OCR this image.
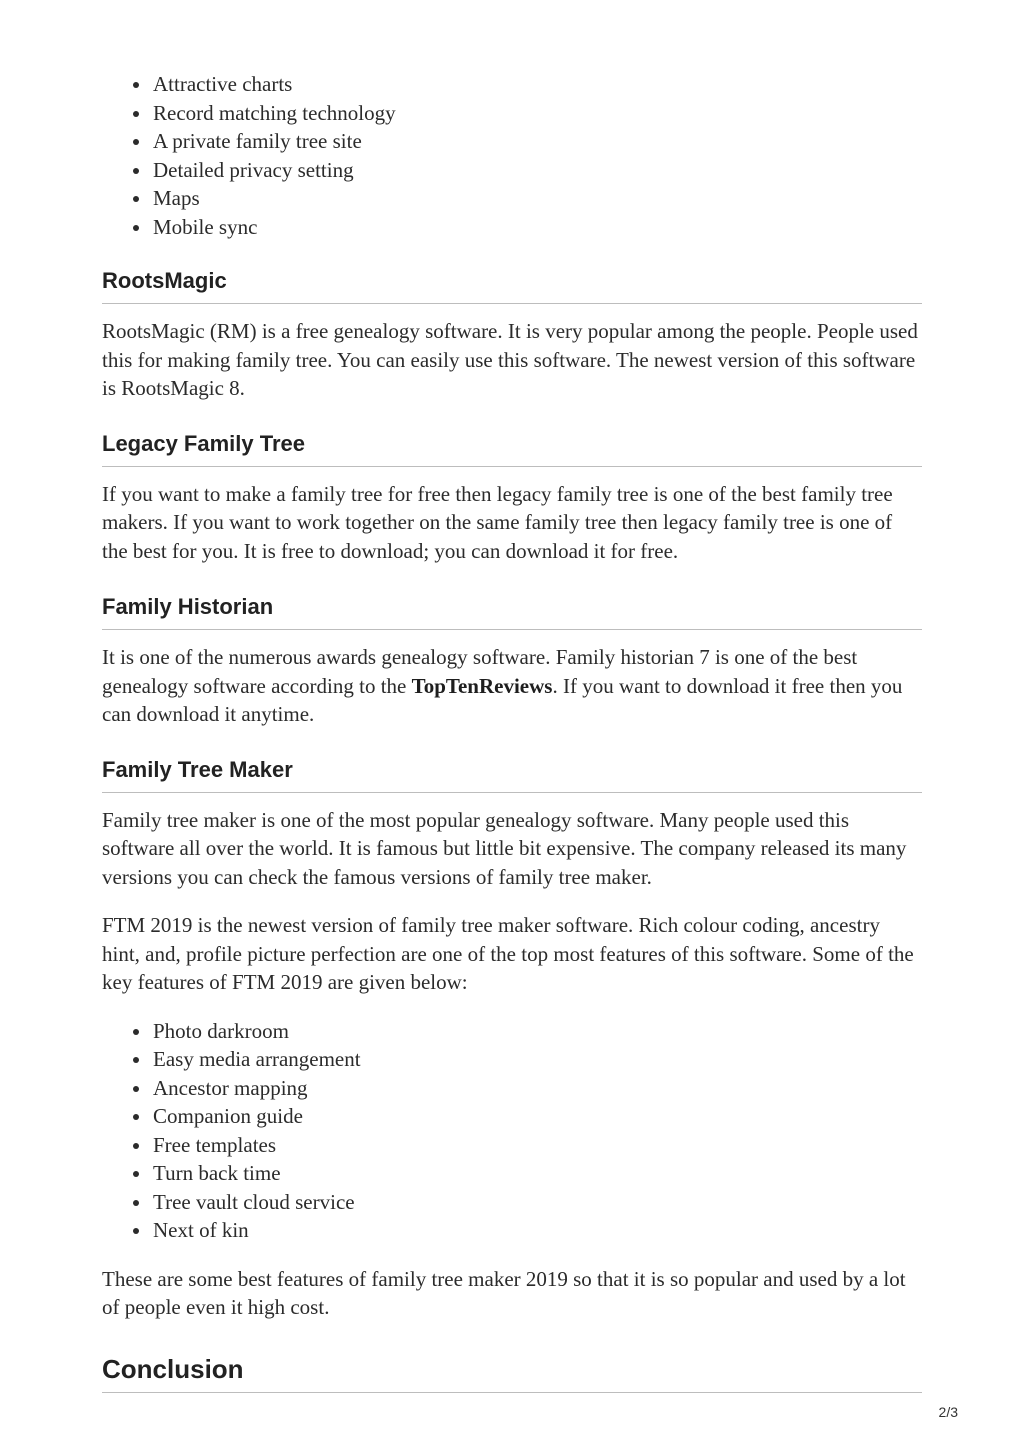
Attractive charts
Record matching technology
A private family tree site
Detailed privacy setting
Maps
Mobile sync
RootsMagic

RootsMagic (RM) is a free genealogy software. It is very popular among the people. People used this for making family tree. You can easily use this software. The newest version of this software is RootsMagic 8.

Legacy Family Tree

If you want to make a family tree for free then legacy family tree is one of the best family tree makers. If you want to work together on the same family tree then legacy family tree is one of the best for you. It is free to download; you can download it for free.

Family Historian

It is one of the numerous awards genealogy software. Family historian 7 is one of the best genealogy software according to the TopTenReviews. If you want to download it free then you can download it anytime.

Family Tree Maker

Family tree maker is one of the most popular genealogy software. Many people used this software all over the world. It is famous but little bit expensive. The company released its many versions you can check the famous versions of family tree maker.

FTM 2019 is the newest version of family tree maker software. Rich colour coding, ancestry hint, and, profile picture perfection are one of the top most features of this software. Some of the key features of FTM 2019 are given below:

Photo darkroom
Easy media arrangement
Ancestor mapping
Companion guide
Free templates
Turn back time
Tree vault cloud service
Next of kin

These are some best features of family tree maker 2019 so that it is so popular and used by a lot of people even it high cost.

Conclusion
2/3
